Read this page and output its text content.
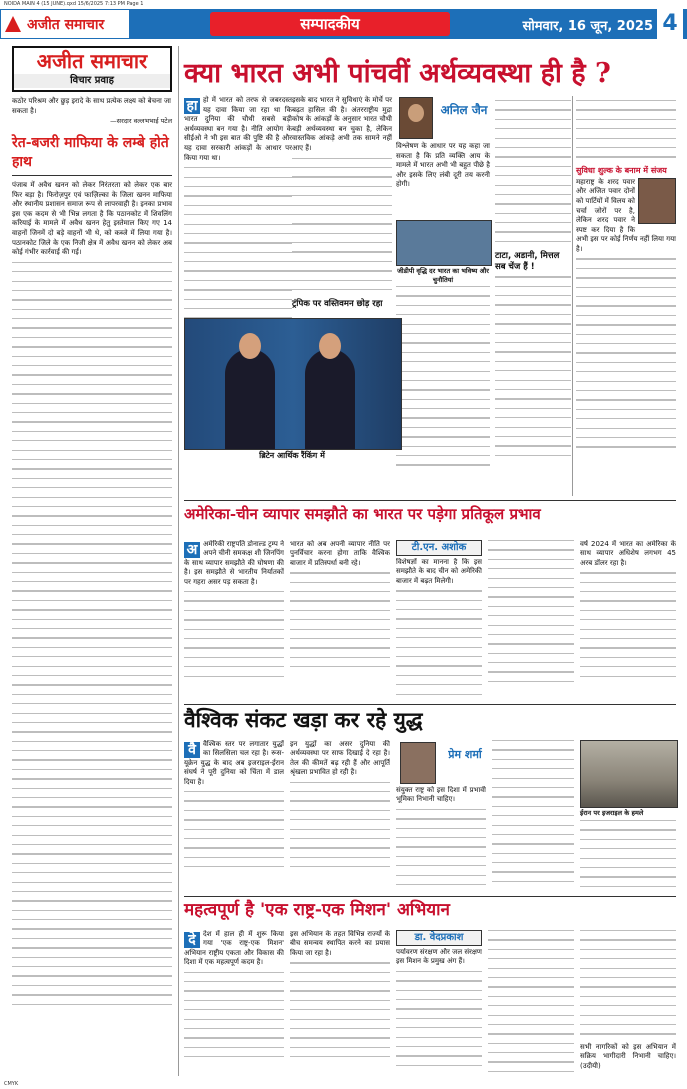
NOIDA MAIN 4 (15 JUNE).qxd 15/6/2025 7:13 PM Page 1
अजीत समाचार	सम्पादकीय	सोमवार, 16 जून, 2025 4
अजीत समाचार
विचार प्रवाह
कठोर परिश्रम और छुड़ इरादे के साथ प्रत्येक लक्ष्य को बेचना जा सकता है।
—सरदार वल्लभभाई पटेल
रेत-बजरी माफिया के लम्बे होते हाथ

पंजाब में अवैध खनन को लेकर निरंतरता को लेकर एक बार फिर बड़ा है। फिरोज़पुर एवं फाज़िल्का के जिला खनन माफिया और स्थानीय प्रशासन समाज रूप से लापरवाही है। इनका प्रभाव इस एक कदम से भी भिन्न लगता है कि पठानकोट में शिवलिंग करियाई के मामले में अवैध खनन हेतु इस्तेमाल किए गए 14 वाहनों जिनमें दो बड़े वाहनों भी थे, को कब्जे में लिया गया है। पठानकोट जिले के एक निजी क्षेत्र में अवैध खनन को लेकर अब कोई गंभीर कार्रवाई की गई।

क्या भारत अभी पांचवीं अर्थव्यवस्था ही है ?
हा हो में भारत को तरफ से जबरदस्त यह दावा किया जा रहा था कि भारत दुनिया की चौथी सबसे बड़ी अर्थव्यवस्था बन गया है। नीति आयोग के सीईओ ने भी इस बात की पुष्टि की है और यह दावा सरकारी आंकड़ों के आधार पर किया गया था।
इसके बाद भारत ने सुविधाएं के मोर्चे पर बढ़त हासिल की है। अंतरराष्ट्रीय मुद्रा कोष के आंकड़ों के अनुसार भारत चौथी बड़ी अर्थव्यवस्था बन चुका है, लेकिन वास्तविक आंकड़े अभी तक सामने नहीं आए हैं।
ट्रंपिक पर वस्तिवमन छोड़ रहा
अनिल जैन
विश्लेषण के आधार पर यह कहा जा सकता है कि प्रति व्यक्ति आय के मामले में भारत अभी भी बहुत पीछे है और इसके लिए लंबी दूरी तय करनी होगी।
जीडीपी वृद्धि दर भारत का भविष्य और चुनौतियां
टाटा, अडानी, मित्तल सब चेंज हैं !
ब्रिटेन आर्थिक रैंकिंग में
सुविधा शुल्क के बनाम में संजय
महाराष्ट्र के शरद पवार और अजित पवार दोनों को पार्टियों में विलय को चर्चा जोरों पर है, लेकिन शरद पवार ने स्पष्ट कर दिया है कि अभी इस पर कोई निर्णय नहीं लिया गया है।
अमेरिका-चीन व्यापार समझौते का भारत पर पड़ेगा प्रतिकूल प्रभाव
अ अमेरिकी राष्ट्रपति डोनाल्ड ट्रम्प ने अपने चीनी समकक्ष शी जिनपिंग के साथ व्यापार समझौते की घोषणा की है। इस समझौते से भारतीय निर्यातकों पर गहरा असर पड़ सकता है।
भारत को अब अपनी व्यापार नीति पर पुनर्विचार करना होगा ताकि वैश्विक बाजार में प्रतिस्पर्धा बनी रहे।
टी.एन. अशोक
विशेषज्ञों का मानना है कि इस समझौते के बाद चीन को अमेरिकी बाजार में बढ़त मिलेगी।
वर्ष 2024 में भारत का अमेरिका के साथ व्यापार अधिशेष लगभग 45 अरब डॉलर रहा है।
वैश्विक संकट खड़ा कर रहे युद्ध
वै	वैश्विक स्तर पर लगातार युद्धों का सिलसिला चल रहा है। रूस-यूक्रेन युद्ध के बाद अब इजराइल-ईरान संघर्ष ने पूरी दुनिया को चिंता में डाल दिया है।
इन युद्धों का असर दुनिया की अर्थव्यवस्था पर साफ दिखाई दे रहा है। तेल की कीमतें बढ़ रही हैं और आपूर्ति श्रृंखला प्रभावित हो रही है।
प्रेम शर्मा
संयुक्त राष्ट्र को इस दिशा में प्रभावी भूमिका निभानी चाहिए।
ईरान पर इजराइल के हमले
महत्वपूर्ण है 'एक राष्ट्र-एक मिशन' अभियान
दे	देश में हाल ही में शुरू किया गया 'एक राष्ट्र-एक मिशन' अभियान राष्ट्रीय एकता और विकास की दिशा में एक महत्वपूर्ण कदम है।
इस अभियान के तहत विभिन्न राज्यों के बीच समन्वय स्थापित करने का प्रयास किया जा रहा है।
डा. वेदप्रकाश
पर्यावरण संरक्षण और जल संरक्षण इस मिशन के प्रमुख अंग हैं।
सभी नागरिकों को इस अभियान में सक्रिय भागीदारी निभानी चाहिए। (उदीयी)
CMYK
